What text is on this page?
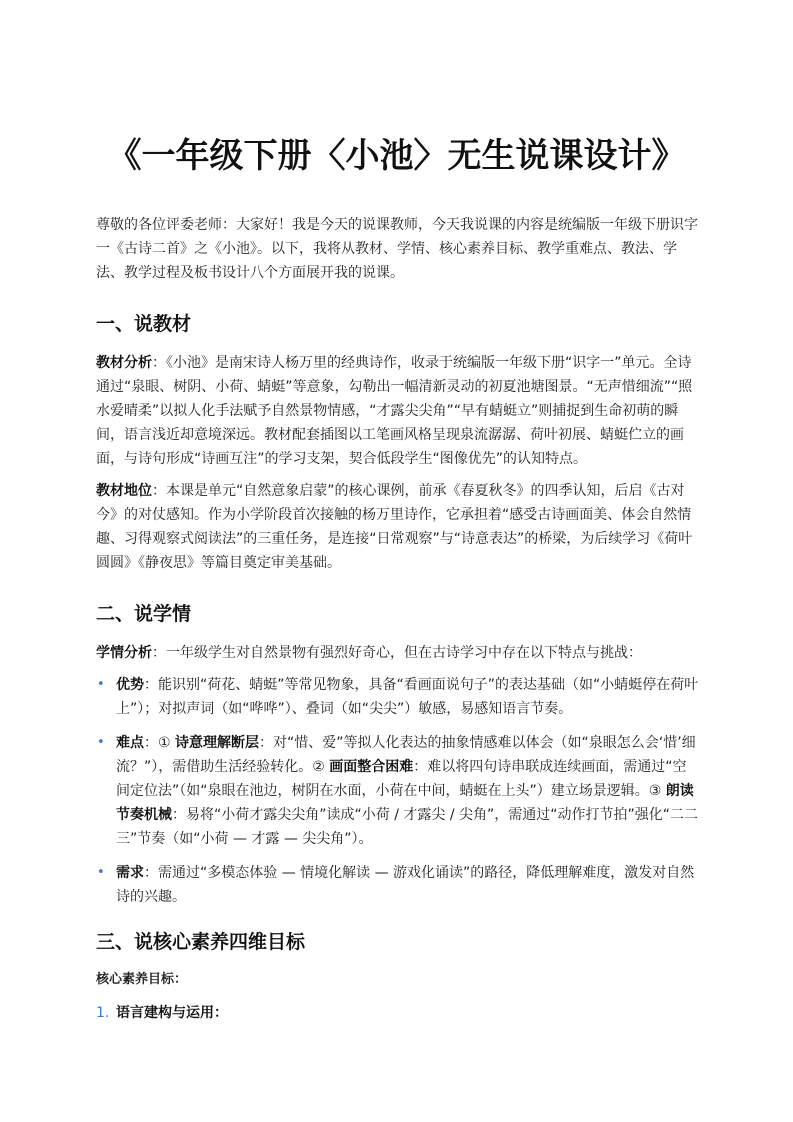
《一年级下册〈小池〉无生说课设计》

尊敬的各位评委老师：大家好！我是今天的说课教师，今天我说课的内容是统编版一年级下册识字一《古诗二首》之《小池》。以下，我将从教材、学情、核心素养目标、教学重难点、教法、学法、教学过程及板书设计八个方面展开我的说课。

一、说教材

教材分析：《小池》是南宋诗人杨万里的经典诗作，收录于统编版一年级下册“识字一”单元。全诗通过“泉眼、树阴、小荷、蜻蜓”等意象，勾勒出一幅清新灵动的初夏池塘图景。“无声惜细流”“照水爱晴柔”以拟人化手法赋予自然景物情感，“才露尖尖角”“早有蜻蜓立”则捕捉到生命初萌的瞬间，语言浅近却意境深远。教材配套插图以工笔画风格呈现泉流潺潺、荷叶初展、蜻蜓伫立的画面，与诗句形成“诗画互注”的学习支架，契合低段学生“图像优先”的认知特点。

教材地位：本课是单元“自然意象启蒙”的核心课例，前承《春夏秋冬》的四季认知，后启《古对今》的对仗感知。作为小学阶段首次接触的杨万里诗作，它承担着“感受古诗画面美、体会自然情趣、习得观察式阅读法”的三重任务，是连接“日常观察”与“诗意表达”的桥梁，为后续学习《荷叶圆圆》《静夜思》等篇目奠定审美基础。

二、说学情

学情分析：一年级学生对自然景物有强烈好奇心，但在古诗学习中存在以下特点与挑战：

• 优势：能识别“荷花、蜻蜓”等常见物象，具备“看画面说句子”的表达基础（如“小蜻蜓停在荷叶上”）；对拟声词（如“哗哗”）、叠词（如“尖尖”）敏感，易感知语言节奏。
• 难点：① 诗意理解断层：对“惜、爱”等拟人化表达的抽象情感难以体会（如“泉眼怎么会‘惜’细流？”），需借助生活经验转化。② 画面整合困难：难以将四句诗串联成连续画面，需通过“空间定位法”（如“泉眼在池边，树阴在水面，小荷在中间，蜻蜓在上头”）建立场景逻辑。③ 朗读节奏机械：易将“小荷才露尖尖角”读成“小荷 / 才露尖 / 尖角”，需通过“动作打节拍”强化“二二三”节奏（如“小荷 — 才露 — 尖尖角”）。
• 需求：需通过“多模态体验 — 情境化解读 — 游戏化诵读”的路径，降低理解难度，激发对自然诗的兴趣。
三、说核心素养四维目标

核心素养目标：

1. 语言建构与运用：
